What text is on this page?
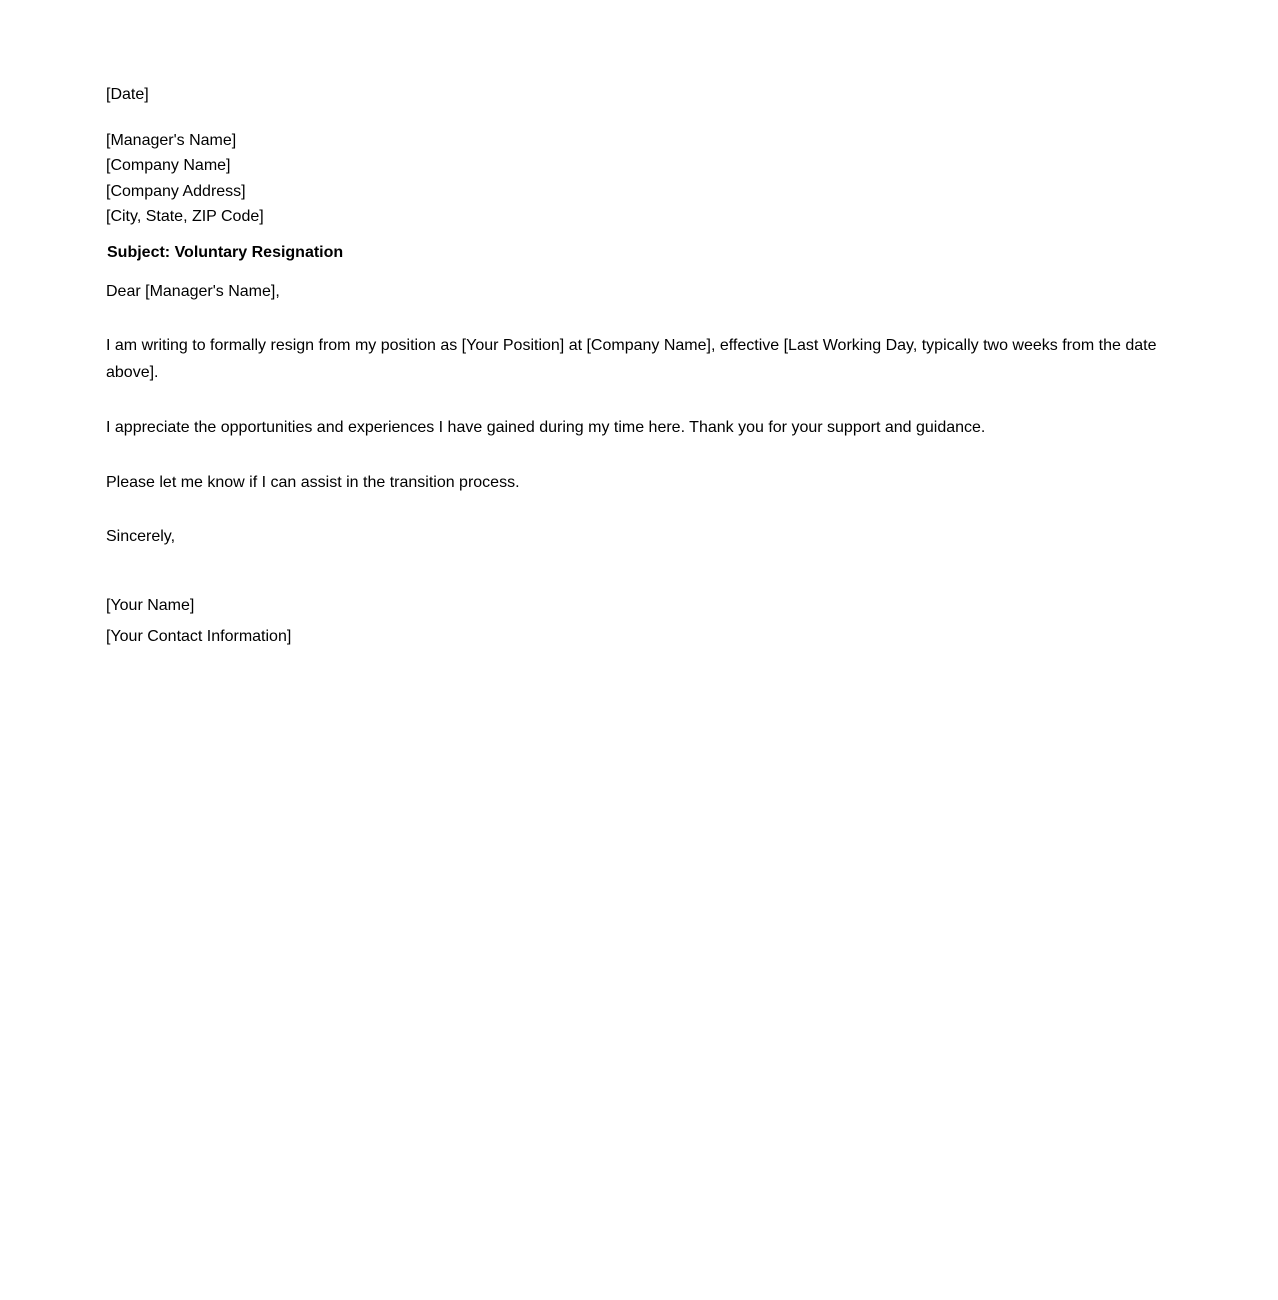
[Date]
[Manager's Name]
[Company Name]
[Company Address]
[City, State, ZIP Code]
Subject: Voluntary Resignation
Dear [Manager's Name],
I am writing to formally resign from my position as [Your Position] at [Company Name], effective [Last Working Day, typically two weeks from the date above].
I appreciate the opportunities and experiences I have gained during my time here. Thank you for your support and guidance.
Please let me know if I can assist in the transition process.
Sincerely,
[Your Name]
[Your Contact Information]
